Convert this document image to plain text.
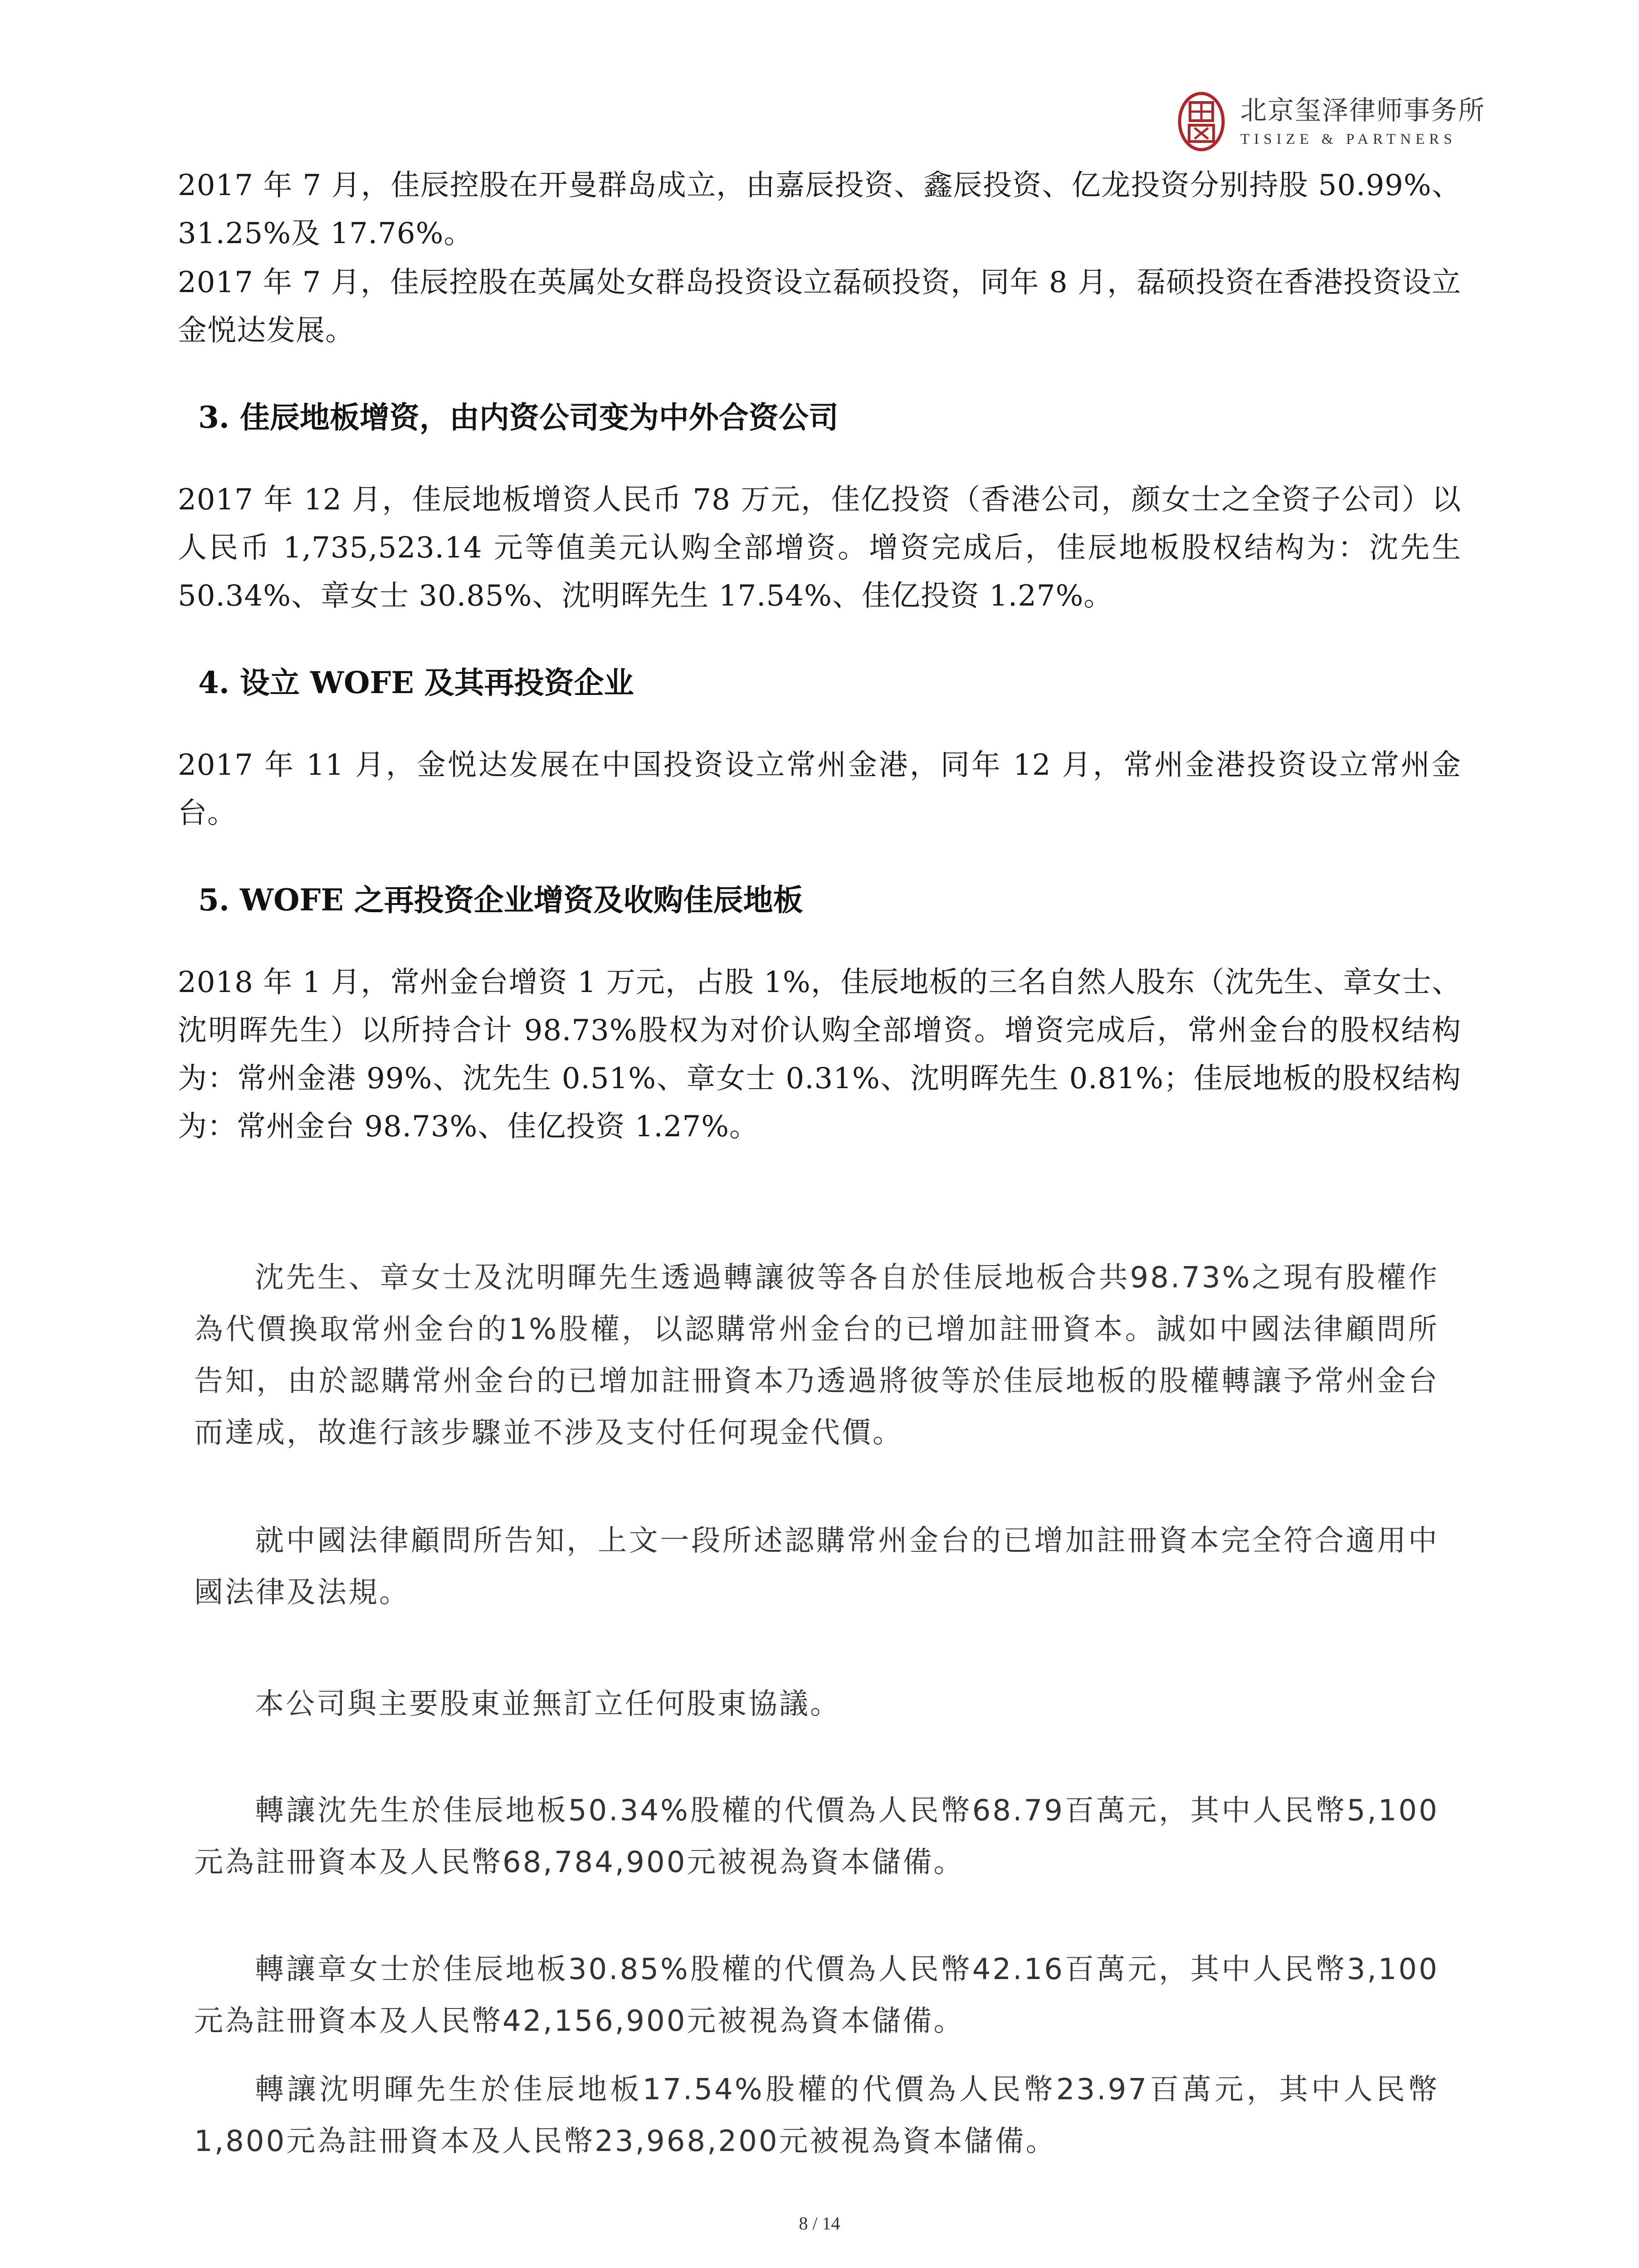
北京玺泽律师事务所
TISIZE & PARTNERS

2017 年 7 月，佳辰控股在开曼群岛成立，由嘉辰投资、鑫辰投资、亿龙投资分别持股 50.99%、31.25%及 17.76%。

2017 年 7 月，佳辰控股在英属处女群岛投资设立磊硕投资，同年 8 月，磊硕投资在香港投资设立金悦达发展。

3. 佳辰地板增资，由内资公司变为中外合资公司

2017 年 12 月，佳辰地板增资人民币 78 万元，佳亿投资（香港公司，颜女士之全资子公司）以人民币 1,735,523.14 元等值美元认购全部增资。增资完成后，佳辰地板股权结构为：沈先生 50.34%、章女士 30.85%、沈明晖先生 17.54%、佳亿投资 1.27%。

4. 设立 WOFE 及其再投资企业

2017 年 11 月，金悦达发展在中国投资设立常州金港，同年 12 月，常州金港投资设立常州金台。

5. WOFE 之再投资企业增资及收购佳辰地板

2018 年 1 月，常州金台增资 1 万元，占股 1%，佳辰地板的三名自然人股东（沈先生、章女士、沈明晖先生）以所持合计 98.73%股权为对价认购全部增资。增资完成后，常州金台的股权结构为：常州金港 99%、沈先生 0.51%、章女士 0.31%、沈明晖先生 0.81%；佳辰地板的股权结构为：常州金台 98.73%、佳亿投资 1.27%。

沈先生、章女士及沈明暉先生透過轉讓彼等各自於佳辰地板合共98.73%之現有股權作為代價換取常州金台的1%股權，以認購常州金台的已增加註冊資本。誠如中國法律顧問所告知，由於認購常州金台的已增加註冊資本乃透過將彼等於佳辰地板的股權轉讓予常州金台而達成，故進行該步驟並不涉及支付任何現金代價。

就中國法律顧問所告知，上文一段所述認購常州金台的已增加註冊資本完全符合適用中國法律及法規。

本公司與主要股東並無訂立任何股東協議。

轉讓沈先生於佳辰地板50.34%股權的代價為人民幣68.79百萬元，其中人民幣5,100元為註冊資本及人民幣68,784,900元被視為資本儲備。

轉讓章女士於佳辰地板30.85%股權的代價為人民幣42.16百萬元，其中人民幣3,100元為註冊資本及人民幣42,156,900元被視為資本儲備。

轉讓沈明暉先生於佳辰地板17.54%股權的代價為人民幣23.97百萬元，其中人民幣1,800元為註冊資本及人民幣23,968,200元被視為資本儲備。

8 / 14
